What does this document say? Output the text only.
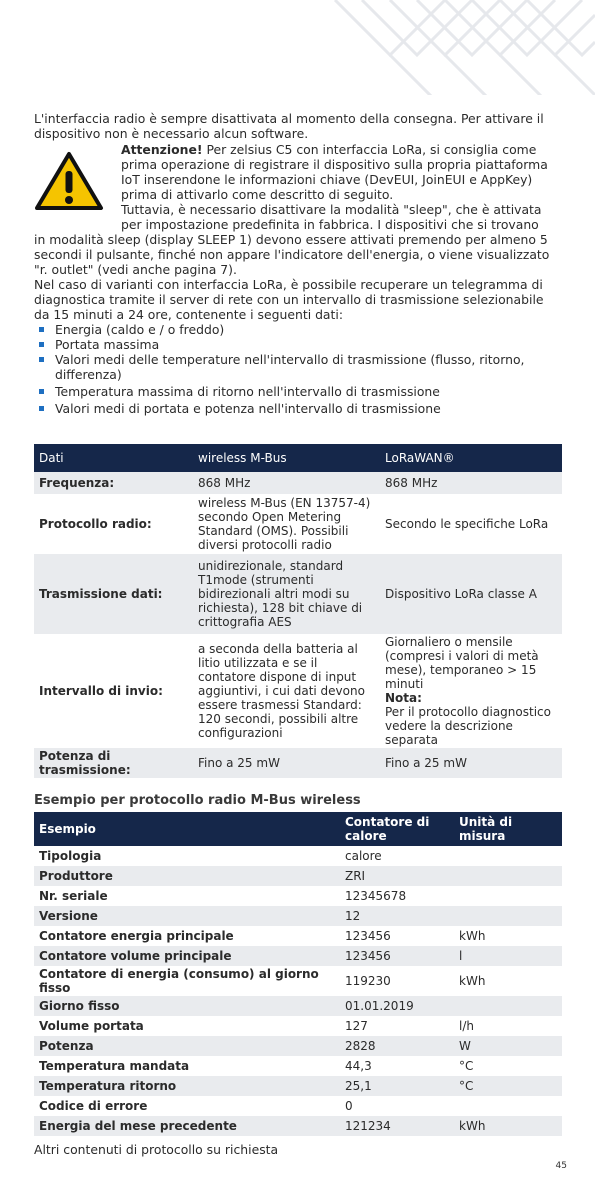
L'interfaccia radio è sempre disattivata al momento della consegna. Per attivare il dispositivo non è necessario alcun software.

Attenzione! Per zelsius C5 con interfaccia LoRa, si consiglia come prima operazione di registrare il dispositivo sulla propria piattaforma IoT inserendone le informazioni chiave (DevEUI, JoinEUI e AppKey) prima di attivarlo come descritto di seguito.

Tuttavia, è necessario disattivare la modalità "sleep", che è attivata per impostazione predefinita in fabbrica. I dispositivi che si trovano

in modalità sleep (display SLEEP 1) devono essere attivati premendo per almeno 5 secondi il pulsante, finché non appare l'indicatore dell'energia, o viene visualizzato "r. outlet" (vedi anche pagina 7).

Nel caso di varianti con interfaccia LoRa, è possibile recuperare un telegramma di diagnostica tramite il server di rete con un intervallo di trasmissione selezionabile da 15 minuti a 24 ore, contenente i seguenti dati:

Energia (caldo e / o freddo)
Portata massima
Valori medi delle temperature nell'intervallo di trasmissione (flusso, ritorno, differenza)
Temperatura massima di ritorno nell'intervallo di trasmissione
Valori medi di portata e potenza nell'intervallo di trasmissione
Dati	wireless M-Bus	LoRaWAN®
Frequenza:	868 MHz	868 MHz
Protocollo radio:	wireless M-Bus (EN 13757-4) secondo Open Metering Standard (OMS). Possibili diversi protocolli radio	Secondo le specifiche LoRa
Trasmissione dati:	unidirezionale, standard T1mode (strumenti bidirezionali altri modi su richiesta), 128 bit chiave di crittografia AES	Dispositivo LoRa classe A
Intervallo di invio:	a seconda della batteria al litio utilizzata e se il contatore dispone di input aggiuntivi, i cui dati devono essere trasmessi Standard: 120 secondi, possibili altre configurazioni	Giornaliero o mensile (compresi i valori di metà mese), temporaneo > 15 minuti
Nota:
Per il protocollo diagnostico vedere la descrizione separata

Potenza di trasmissione:	Fino a 25 mW	Fino a 25 mW
Esempio per protocollo radio M-Bus wireless
Esempio	Contatore di calore	Unità di misura
Tipologia	calore	
Produttore	ZRI	
Nr. seriale	12345678	
Versione	12	
Contatore energia principale	123456	kWh
Contatore volume principale	123456	l
Contatore di energia (consumo) al giorno fisso	119230	kWh
Giorno fisso	01.01.2019	
Volume portata	127	l/h
Potenza	2828	W
Temperatura mandata	44,3	°C
Temperatura ritorno	25,1	°C
Codice di errore	0	
Energia del mese precedente	121234	kWh

Altri contenuti di protocollo su richiesta

45
